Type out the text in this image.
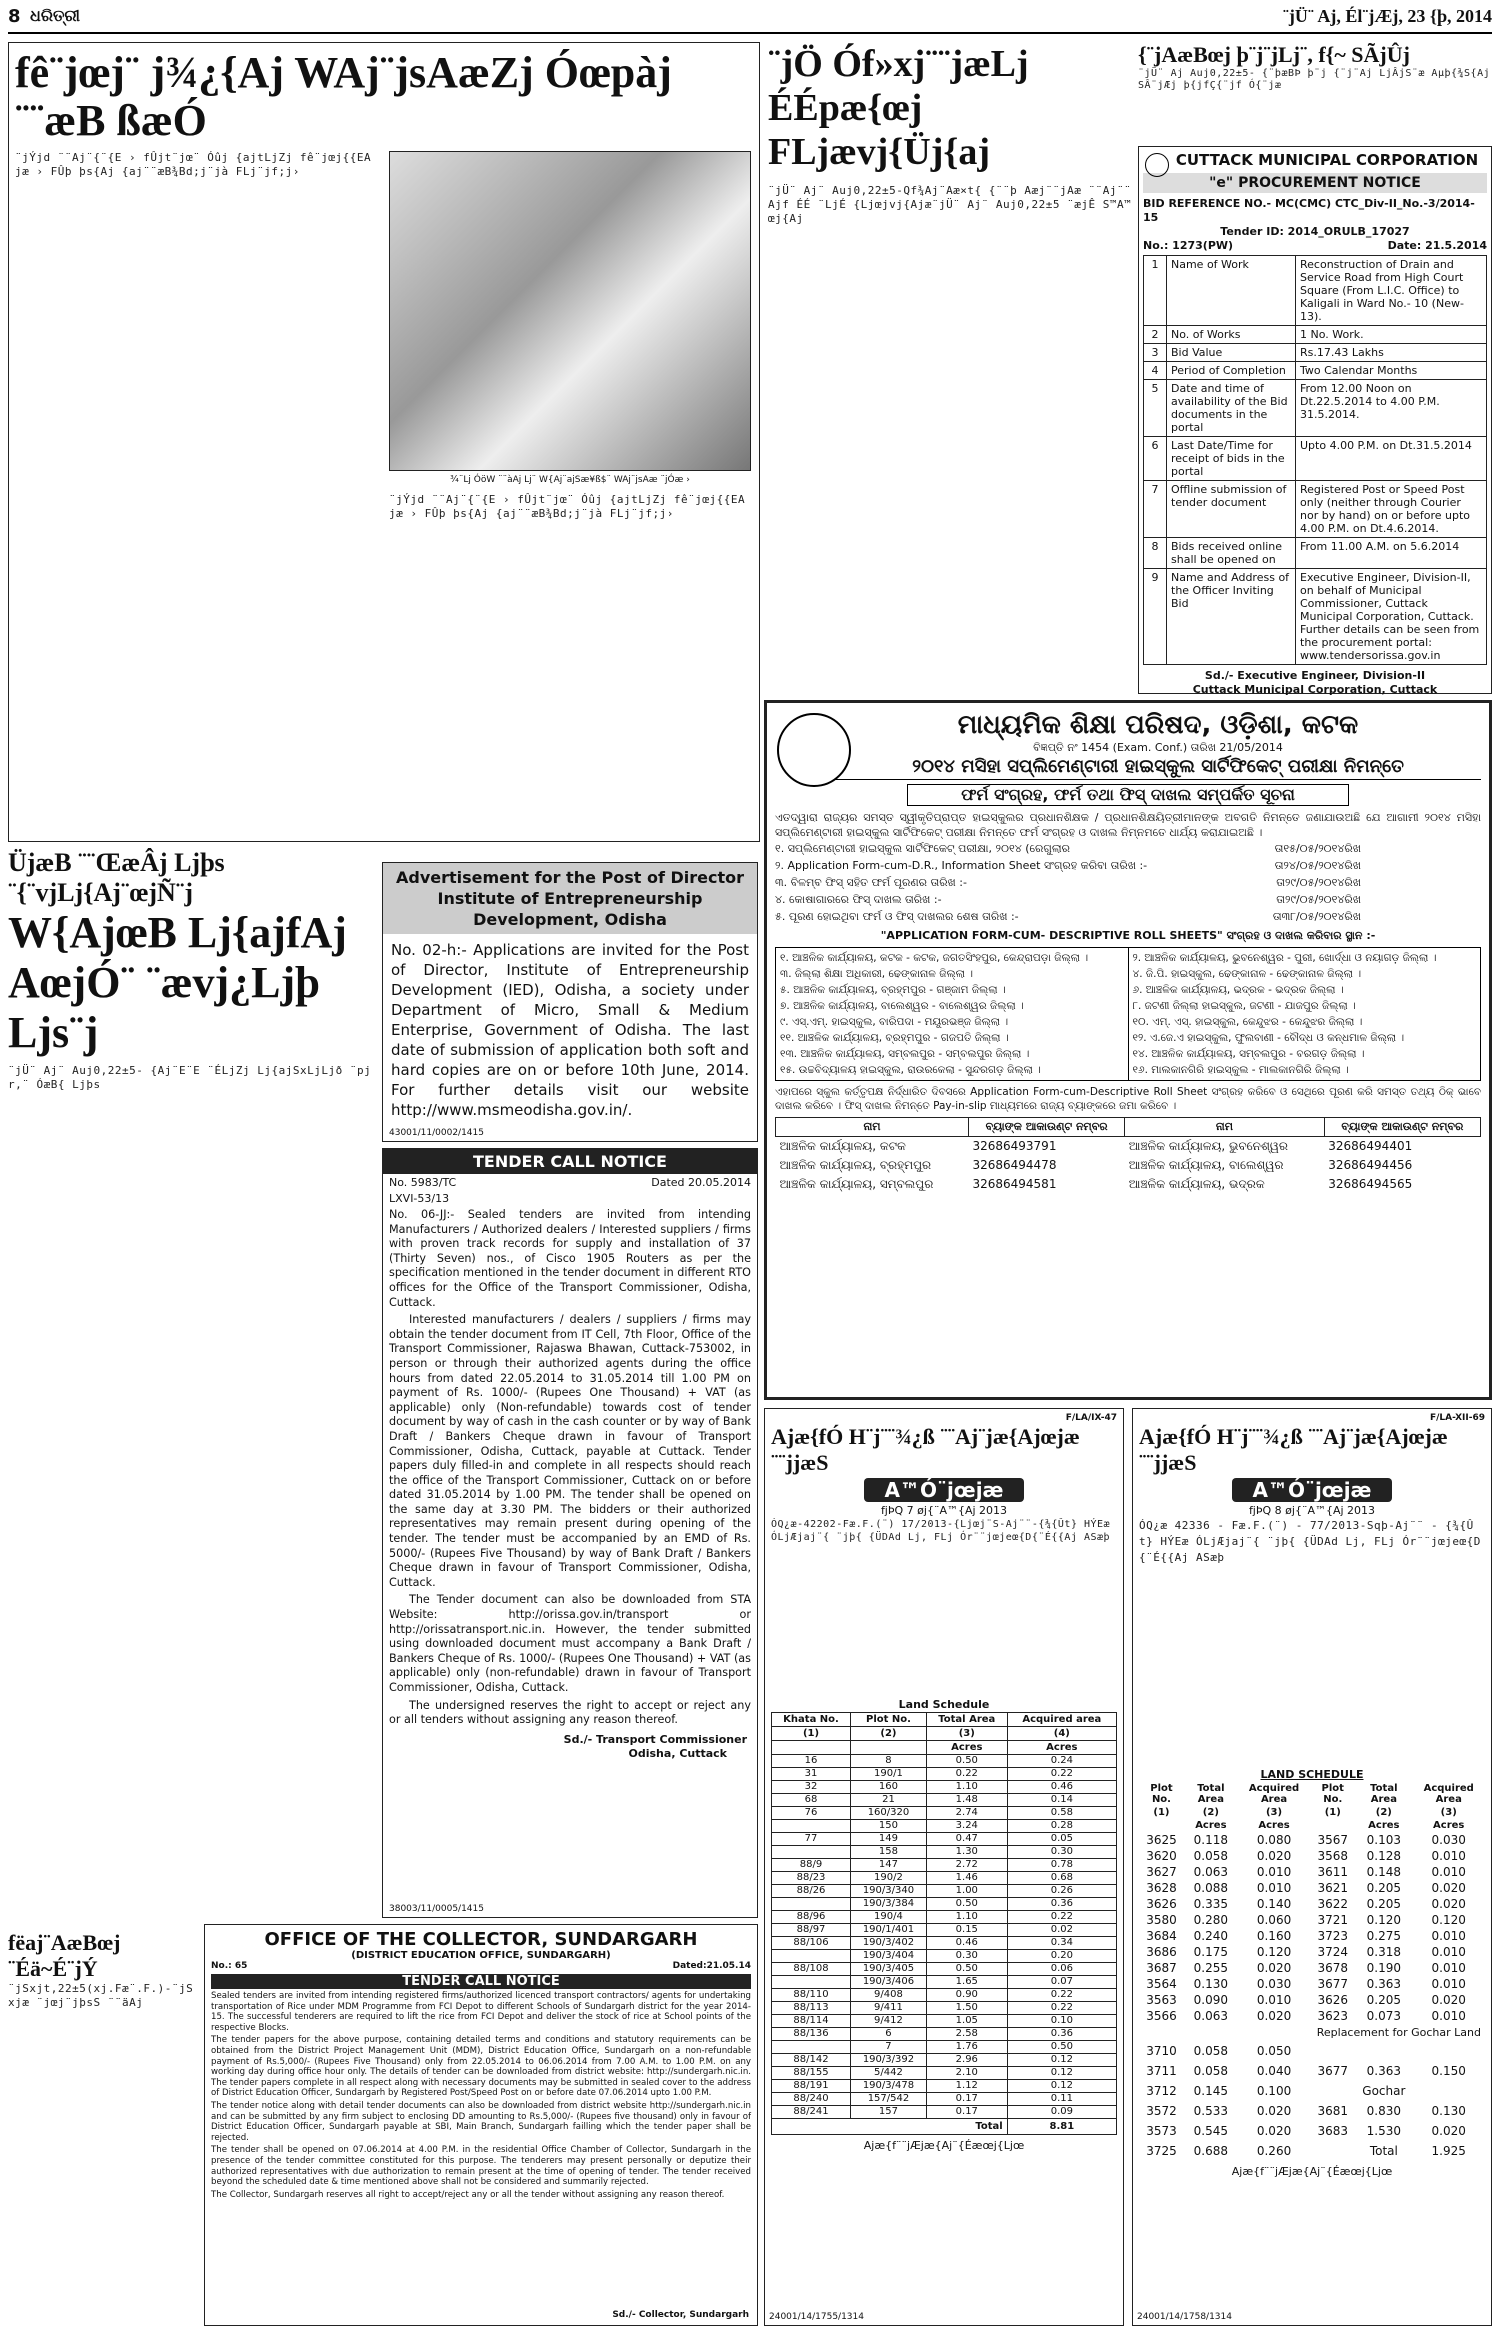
8 ଧରିତ୍ରୀ	¨jÜ¨ Aj, Él¨jÆj, 23 {þ, 2014
fê¨jœj¨ j¾¿{Aj WAj¨jsAæZj Óœpàj ¨¨æB ßæÓ
¾¨Lj ÓöW ¨¨àAj Lj¨ W{Aj¨ajSæ¥ß$¨ WAj¨jsAæ ¨jÓæ ›
¨jÝjd ¨¨Aj¨{¨{E › fÛjt¨jœ¨ Óûj {ajtLjZj fê¨jœj{{EAjæ › FÛþ þs{Aj {aj¨¨æB¾Bd;j¨jà FLj¨jf;j›
¨jÝjd ¨¨Aj¨{¨{E › fÛjt¨jœ¨ Óûj {ajtLjZj fê¨jœj{{EAjæ › FÛþ þs{Aj {aj¨¨æB¾Bd;j¨jà FLj¨jf;j›
¨jÖ Óf»xj¨¨jæLj
ÉÉpæ{œj FLjævj{Üj{aj
¨jÜ¨ Aj¨ Auj0,22±5-Qf¾Aj¨Aæ×t{ {¨¨þ Aæj¨¨jAæ ¨¨Aj¨¨Ajf ÉÉ ¨LjÉ {Ljœjvj{Ajæ¨jÜ¨ Aj¨ Auj0,22±5 ¨æjÊ S™A™œj{Aj
{¨jAæBœj þ¨j¨jLj¨, f{~ SÃjÛj
¨jÜ¨ Aj Auj0,22±5- {¨þæBÞ þ¨j {¨j¨Aj LjÂjS¨æ Aµþ{¾S{Aj SÂ¨jÆj þ{jfÇ{¨jf Ó{¨jæ
CUTTACK MUNICIPAL CORPORATION
"e" PROCUREMENT NOTICE
BID REFERENCE NO.- MC(CMC) CTC_Div-II_No.-3/2014-15
Tender ID: 2014_ORULB_17027
No.: 1273(PW)	Date: 21.5.2014
1	Name of Work	Reconstruction of Drain and Service Road from High Court Square (From L.I.C. Office) to Kaligali in Ward No.- 10 (New-13).
2	No. of Works	1 No. Work.
3	Bid Value	Rs.17.43 Lakhs
4	Period of Completion	Two Calendar Months
5	Date and time of availability of the Bid documents in the portal	From 12.00 Noon on Dt.22.5.2014 to 4.00 P.M. 31.5.2014.
6	Last Date/Time for receipt of bids in the portal	Upto 4.00 P.M. on Dt.31.5.2014
7	Offline submission of tender document	Registered Post or Speed Post only (neither through Courier nor by hand) on or before upto 4.00 P.M. on Dt.4.6.2014.
8	Bids received online shall be opened on	From 11.00 A.M. on 5.6.2014
9	Name and Address of the Officer Inviting Bid	Executive Engineer, Division-II, on behalf of Municipal Commissioner, Cuttack Municipal Corporation, Cuttack. Further details can be seen from the procurement portal: www.tendersorissa.gov.in
Sd./- Executive Engineer, Division-II
Cuttack Municipal Corporation, Cuttack
ÜjæB ¨¨ŒæÂj Ljþs ¨{¨vjLj{Aj¨œjÑ¨j
W{AjœB Lj{ajfAj
AœjÓ¨ ¨ævj¿Ljþ Ljs¨j
¨jÜ¨ Aj¨ Auj0,22±5- {Aj¨E¨E ¨ÉLjZj Lj{ajSxLjLjð ¨pjr,¨ ÓæB{ Ljþs
Advertisement for the Post of Director Institute of Entrepreneurship Development, Odisha
No. 02-h:- Applications are invited for the Post of Director, Institute of Entrepreneurship Development (IED), Odisha, a society under Department of Micro, Small & Medium Enterprise, Government of Odisha. The last date of submission of application both soft and hard copies are on or before 10th June, 2014. For further details visit our website http://www.msmeodisha.gov.in/.
43001/11/0002/1415
TENDER CALL NOTICE
No. 5983/TC	Dated 20.05.2014
LXVI-53/13

No. 06-JJ:- Sealed tenders are invited from intending Manufacturers / Authorized dealers / Interested suppliers / firms with proven track records for supply and installation of 37 (Thirty Seven) nos., of Cisco 1905 Routers as per the specification mentioned in the tender document in different RTO offices for the Office of the Transport Commissioner, Odisha, Cuttack.

Interested manufacturers / dealers / suppliers / firms may obtain the tender document from IT Cell, 7th Floor, Office of the Transport Commissioner, Rajaswa Bhawan, Cuttack-753002, in person or through their authorized agents during the office hours from dated 22.05.2014 to 31.05.2014 till 1.00 PM on payment of Rs. 1000/- (Rupees One Thousand) + VAT (as applicable) only (Non-refundable) towards cost of tender document by way of cash in the cash counter or by way of Bank Draft / Bankers Cheque drawn in favour of Transport Commissioner, Odisha, Cuttack, payable at Cuttack. Tender papers duly filled-in and complete in all respects should reach the office of the Transport Commissioner, Cuttack on or before dated 31.05.2014 by 1.00 PM. The tender shall be opened on the same day at 3.30 PM. The bidders or their authorized representatives may remain present during opening of the tender. The tender must be accompanied by an EMD of Rs. 5000/- (Rupees Five Thousand) by way of Bank Draft / Bankers Cheque drawn in favour of Transport Commissioner, Odisha, Cuttack.

The Tender document can also be downloaded from STA Website: http://orissa.gov.in/transport or http://orissatransport.nic.in. However, the tender submitted using downloaded document must accompany a Bank Draft / Bankers Cheque of Rs. 1000/- (Rupees One Thousand) + VAT (as applicable) only (non-refundable) drawn in favour of Transport Commissioner, Odisha, Cuttack.

The undersigned reserves the right to accept or reject any or all tenders without assigning any reason thereof.

Sd./- Transport Commissioner
Odisha, Cuttack
38003/11/0005/1415
fëaj¨AæBœj ¨Éä~É¨jÝ
¨jSxjt,22±5(xj.Fæ¨.F.)-¨jSxjæ ¨jœj¨jþsS ¨¨äAj
OFFICE OF THE COLLECTOR, SUNDARGARH
(DISTRICT EDUCATION OFFICE, SUNDARGARH)
No.: 65	Dated:21.05.14
TENDER CALL NOTICE

Sealed tenders are invited from intending registered firms/authorized licenced transport contractors/ agents for undertaking transportation of Rice under MDM Programme from FCI Depot to different Schools of Sundargarh district for the year 2014-15. The successful tenderers are required to lift the rice from FCI Depot and deliver the stock of rice at School points of the respective Blocks.

The tender papers for the above purpose, containing detailed terms and conditions and statutory requirements can be obtained from the District Project Management Unit (MDM), District Education Office, Sundargarh on a non-refundable payment of Rs.5,000/- (Rupees Five Thousand) only from 22.05.2014 to 06.06.2014 from 7.00 A.M. to 1.00 P.M. on any working day during office hour only. The details of tender can be downloaded from district website: http://sundergarh.nic.in. The tender papers complete in all respect along with necessary documents may be submitted in sealed cover to the address of District Education Officer, Sundargarh by Registered Post/Speed Post on or before date 07.06.2014 upto 1.00 P.M.

The tender notice along with detail tender documents can also be downloaded from district website http://sundergarh.nic.in and can be submitted by any firm subject to enclosing DD amounting to Rs.5,000/- (Rupees five thousand) only in favour of District Education Officer, Sundargarh payable at SBI, Main Branch, Sundargarh failling which the tender paper shall be rejected.

The tender shall be opened on 07.06.2014 at 4.00 P.M. in the residential Office Chamber of Collector, Sundargarh in the presence of the tender committee constituted for this purpose. The tenderers may present personally or deputize their authorized representatives with due authorization to remain present at the time of opening of tender. The tender received beyond the scheduled date & time mentioned above shall not be considered and summarily rejected.

The Collector, Sundargarh reserves all right to accept/reject any or all the tender without assigning any reason thereof.

Sd./- Collector, Sundargarh
ମାଧ୍ୟମିକ ଶିକ୍ଷା ପରିଷଦ, ଓଡ଼ିଶା, କଟକ
ବିଜ୍ଞପ୍ତି ନଂ 1454 (Exam. Conf.) ତାରିଖ 21/05/2014
୨୦୧୪ ମସିହା ସପ୍ଲିମେଣ୍ଟାରୀ ହାଇସ୍କୁଲ ସାର୍ଟିଫିକେଟ୍ ପରୀକ୍ଷା ନିମନ୍ତେ
ଫର୍ମ ସଂଗ୍ରହ, ଫର୍ମ ତଥା ଫିସ୍ ଦାଖଲ ସମ୍ପର୍କିତ ସୂଚନା
ଏତଦ୍ୱାରା ରାଜ୍ୟର ସମସ୍ତ ସ୍ୱୀକୃତିପ୍ରାପ୍ତ ହାଇସ୍କୁଲର ପ୍ରଧାନଶିକ୍ଷକ / ପ୍ରଧାନଶିକ୍ଷୟିତ୍ରୀମାନଙ୍କ ଅବଗତି ନିମନ୍ତେ ଜଣାଯାଉଅଛି ଯେ ଆଗାମୀ ୨୦୧୪ ମସିହା ସପ୍ଲିମେଣ୍ଟାରୀ ହାଇସ୍କୁଲ ସାର୍ଟିଫିକେଟ୍ ପରୀକ୍ଷା ନିମନ୍ତେ ଫର୍ମ ସଂଗ୍ରହ ଓ ଦାଖଲ ନିମ୍ନମତେ ଧାର୍ଯ୍ୟ କରାଯାଇଅଛି ।
୧. ସପ୍ଲିମେଣ୍ଟାରୀ ହାଇସ୍କୁଲ ସାର୍ଟିଫିକେଟ୍ ପରୀକ୍ଷା, ୨୦୧୪ (ରେଗୁଲାର	ତା୧୫/୦୫/୨୦୧୪ରିଖ
୨. Application Form-cum-D.R., Information Sheet ସଂଗ୍ରହ କରିବା ତାରିଖ :-	ତା୨୪/୦୫/୨୦୧୪ରିଖ
୩. ବିଳମ୍ବ ଫିସ୍ ସହିତ ଫର୍ମ ପୂରଣର ତାରିଖ :-	ତା୨୯/୦୫/୨୦୧୪ରିଖ
୪. କୋଷାଗାରରେ ଫିସ୍ ଦାଖଲ ତାରିଖ :-	ତା୨୯/୦୫/୨୦୧୪ରିଖ
୫. ପୂରଣ ହୋଇଥିବା ଫର୍ମ ଓ ଫିସ୍ ଦାଖଲର ଶେଷ ତାରିଖ :-	ତା୩୮/୦୫/୨୦୧୪ରିଖ
"APPLICATION FORM-CUM- DESCRIPTIVE ROLL SHEETS" ସଂଗ୍ରହ ଓ ଦାଖଲ କରିବାର ସ୍ଥାନ :-
୧. ଆଞ୍ଚଳିକ କାର୍ଯ୍ୟାଳୟ, କଟକ - କଟକ, ଜଗତସିଂହପୁର, କେନ୍ଦ୍ରାପଡ଼ା ଜିଲ୍ଲା ।
୩. ଜିଲ୍ଲା ଶିକ୍ଷା ଅଧିକାରୀ, ଢେଙ୍କାନାଳ ଜିଲ୍ଲା ।
୫. ଆଞ୍ଚଳିକ କାର୍ଯ୍ୟାଳୟ, ବ୍ରହ୍ମପୁର - ଗଞ୍ଜାମ ଜିଲ୍ଲା ।
୭. ଆଞ୍ଚଳିକ କାର୍ଯ୍ୟାଳୟ, ବାଲେଶ୍ୱର - ବାଲେଶ୍ୱର ଜିଲ୍ଲା ।
୯. ଏସ୍.ଏମ୍. ହାଇସ୍କୁଲ, ବାରିପଦା - ମୟୂରଭଞ୍ଜ ଜିଲ୍ଲା ।
୧୧. ଆଞ୍ଚଳିକ କାର୍ଯ୍ୟାଳୟ, ବ୍ରହ୍ମପୁର - ଗଜପତି ଜିଲ୍ଲା ।
୧୩. ଆଞ୍ଚଳିକ କାର୍ଯ୍ୟାଳୟ, ସମ୍ବଲପୁର - ସମ୍ବଲପୁର ଜିଲ୍ଲା ।
୧୫. ଉଚ୍ଚବିଦ୍ୟାଳୟ ହାଇସ୍କୁଲ, ରାଉରକେଲା - ସୁନ୍ଦରଗଡ଼ ଜିଲ୍ଲା ।
୨. ଆଞ୍ଚଳିକ କାର୍ଯ୍ୟାଳୟ, ଭୁବନେଶ୍ୱର - ପୁରୀ, ଖୋର୍ଦ୍ଧା ଓ ନୟାଗଡ଼ ଜିଲ୍ଲା ।
୪. ଜି.ପି. ହାଇସ୍କୁଲ, ଢେଙ୍କାନାଳ - ଢେଙ୍କାନାଳ ଜିଲ୍ଲା ।
୬. ଆଞ୍ଚଳିକ କାର୍ଯ୍ୟାଳୟ, ଭଦ୍ରକ - ଭଦ୍ରକ ଜିଲ୍ଲା ।
୮. ଜଟଣୀ ଜିଲ୍ଲା ହାଇସ୍କୁଲ, ଜଟଣୀ - ଯାଜପୁର ଜିଲ୍ଲା ।
୧୦. ଏମ୍. ଏସ୍. ହାଇସ୍କୁଲ, କେନ୍ଦୁଝର - କେନ୍ଦୁଝର ଜିଲ୍ଲା ।
୧୨. ଏ.ଜେ.ଏ ହାଇସ୍କୁଲ, ଫୁଲବାଣୀ - ବୌଦ୍ଧ ଓ କନ୍ଧମାଳ ଜିଲ୍ଲା ।
୧୪. ଆଞ୍ଚଳିକ କାର୍ଯ୍ୟାଳୟ, ସମ୍ବଲପୁର - ବରଗଡ଼ ଜିଲ୍ଲା ।
୧୬. ମାଲକାନଗିରି ହାଇସ୍କୁଲ - ମାଲକାନଗିରି ଜିଲ୍ଲା ।
ଏହାପରେ ସ୍କୁଲ କର୍ତ୍ତୃପକ୍ଷ ନିର୍ଦ୍ଧାରିତ ଦିବସରେ Application Form-cum-Descriptive Roll Sheet ସଂଗ୍ରହ କରିବେ ଓ ସେଥିରେ ପୂରଣ କରି ସମସ୍ତ ତଥ୍ୟ ଠିକ୍ ଭାବେ ଦାଖଲ କରିବେ । ଫିସ୍ ଦାଖଲ ନିମନ୍ତେ Pay-in-slip ମାଧ୍ୟମରେ ରାଜ୍ୟ ବ୍ୟାଙ୍କରେ ଜମା କରିବେ ।
ନାମ	ବ୍ୟାଙ୍କ ଆକାଉଣ୍ଟ ନମ୍ବର	ନାମ	ବ୍ୟାଙ୍କ ଆକାଉଣ୍ଟ ନମ୍ବର
ଆଞ୍ଚଳିକ କାର୍ଯ୍ୟାଳୟ, କଟକ	32686493791	ଆଞ୍ଚଳିକ କାର୍ଯ୍ୟାଳୟ, ଭୁବନେଶ୍ୱର	32686494401
ଆଞ୍ଚଳିକ କାର୍ଯ୍ୟାଳୟ, ବ୍ରହ୍ମପୁର	32686494478	ଆଞ୍ଚଳିକ କାର୍ଯ୍ୟାଳୟ, ବାଲେଶ୍ୱର	32686494456
ଆଞ୍ଚଳିକ କାର୍ଯ୍ୟାଳୟ, ସମ୍ବଲପୁର	32686494581	ଆଞ୍ଚଳିକ କାର୍ଯ୍ୟାଳୟ, ଭଦ୍ରକ	32686494565
F/LA/IX-47
Ajæ{fÓ H¨j¨¨¾¿ß ¨¨Aj¨jæ{Ajœjæ ¨¨jjæS
A™Ó¨jœjæ
fjÞQ 7 øj{¨A™{Aj 2013
ÓQ¿æ-42202-Fæ.F.(¨) 17/2013-{Ljœj¨S-Aj¨¨-{¾{Ût} HÝEæ ÓLjÆjaj¨{ ¨jþ{ {ÜDAd Lj, FLj Ór¨¨jœjeœ{D{¨É{{Aj ASæþ
Land Schedule
Khata No.	Plot No.	Total Area	Acquired area
(1)	(2)	(3)	(4)
		Acres	Acres
16	8	0.50	0.24
31	190/1	0.22	0.22
32	160	1.10	0.46
68	21	1.48	0.14
76	160/320	2.74	0.58
	150	3.24	0.28
77	149	0.47	0.05
	158	1.30	0.30
88/9	147	2.72	0.78
88/23	190/2	1.46	0.68
88/26	190/3/340	1.00	0.26
	190/3/384	0.50	0.36
88/96	190/4	1.10	0.22
88/97	190/1/401	0.15	0.02
88/106	190/3/402	0.46	0.34
	190/3/404	0.30	0.20
88/108	190/3/405	0.50	0.06
	190/3/406	1.65	0.07
88/110	9/408	0.90	0.22
88/113	9/411	1.50	0.22
88/114	9/412	1.05	0.10
88/136	6	2.58	0.36
	7	1.76	0.50
88/142	190/3/392	2.96	0.12
88/155	5/442	2.10	0.12
88/191	190/3/478	1.12	0.12
88/240	157/542	0.17	0.11
88/241	157	0.17	0.09
Total			8.81
Ajæ{f¨¨jÆjæ{Aj¨{Éæœj{Ljœ
24001/14/1755/1314
F/LA-XII-69
Ajæ{fÓ H¨j¨¨¾¿ß ¨¨Aj¨jæ{Ajœjæ ¨¨jjæS
A™Ó¨jœjæ
fjÞQ 8 øj{¨A™{Aj 2013
ÓQ¿æ 42336 - Fæ.F.(¨) - 77/2013-Sqþ-Aj¨¨ - {¾{Ût} HÝEæ ÓLjÆjaj¨{ ¨jþ{ {ÜDAd Lj, FLj Ór¨¨jœjeœ{D{¨É{{Aj ASæþ
LAND SCHEDULE
Plot No.	Total Area	Acquired Area	Plot No.	Total Area	Acquired Area
(1)	(2)	(3)	(1)	(2)	(3)
	Acres	Acres		Acres	Acres
3625	0.118	0.080	3567	0.103	0.030
3620	0.058	0.020	3568	0.128	0.010
3627	0.063	0.010	3611	0.148	0.010
3628	0.088	0.010	3621	0.205	0.020
3626	0.335	0.140	3622	0.205	0.020
3580	0.280	0.060	3721	0.120	0.120
3684	0.240	0.160	3723	0.275	0.010
3686	0.175	0.120	3724	0.318	0.010
3687	0.255	0.020	3678	0.190	0.010
3564	0.130	0.030	3677	0.363	0.010
3563	0.090	0.010	3626	0.205	0.020
3566	0.063	0.020	3623	0.073	0.010
Replacement for Gochar Land					
3710	0.058	0.050			
3711	0.058	0.040	3677	0.363	0.150
3712	0.145	0.100		Gochar	
3572	0.533	0.020	3681	0.830	0.130
3573	0.545	0.020	3683	1.530	0.020
3725	0.688	0.260		Total	1.925
Ajæ{f¨¨jÆjæ{Aj¨{Éæœj{Ljœ
24001/14/1758/1314
